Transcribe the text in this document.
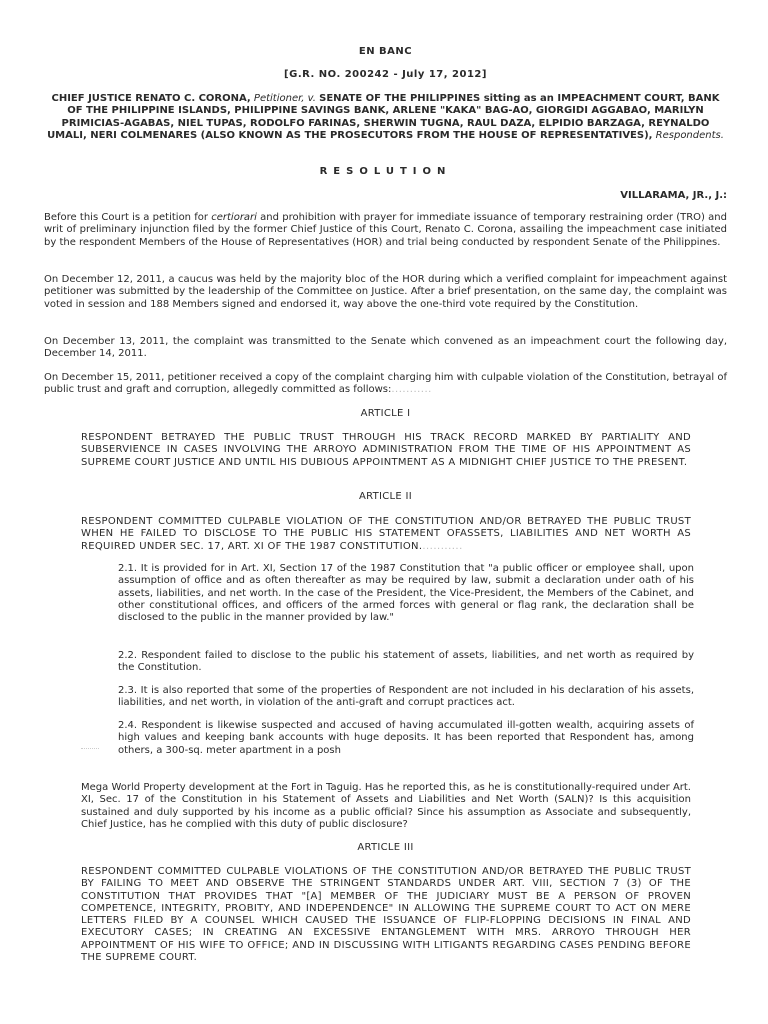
EN BANC
[G.R. NO. 200242 - July 17, 2012]
CHIEF JUSTICE RENATO C. CORONA, Petitioner, v. SENATE OF THE PHILIPPINES sitting as an IMPEACHMENT COURT, BANK OF THE PHILIPPINE ISLANDS, PHILIPPINE SAVINGS BANK, ARLENE "KAKA" BAG-AO, GIORGIDI AGGABAO, MARILYN PRIMICIAS-AGABAS, NIEL TUPAS, RODOLFO FARINAS, SHERWIN TUGNA, RAUL DAZA, ELPIDIO BARZAGA, REYNALDO UMALI, NERI COLMENARES (ALSO KNOWN AS THE PROSECUTORS FROM THE HOUSE OF REPRESENTATIVES), Respondents.
RESOLUTION
VILLARAMA, JR., J.:
Before this Court is a petition for certiorari and prohibition with prayer for immediate issuance of temporary restraining order (TRO) and writ of preliminary injunction filed by the former Chief Justice of this Court, Renato C. Corona, assailing the impeachment case initiated by the respondent Members of the House of Representatives (HOR) and trial being conducted by respondent Senate of the Philippines.
On December 12, 2011, a caucus was held by the majority bloc of the HOR during which a verified complaint for impeachment against petitioner was submitted by the leadership of the Committee on Justice. After a brief presentation, on the same day, the complaint was voted in session and 188 Members signed and endorsed it, way above the one-third vote required by the Constitution.
On December 13, 2011, the complaint was transmitted to the Senate which convened as an impeachment court the following day, December 14, 2011.
On December 15, 2011, petitioner received a copy of the complaint charging him with culpable violation of the Constitution, betrayal of public trust and graft and corruption, allegedly committed as follows:...........
ARTICLE I
RESPONDENT BETRAYED THE PUBLIC TRUST THROUGH HIS TRACK RECORD MARKED BY PARTIALITY AND SUBSERVIENCE IN CASES INVOLVING THE ARROYO ADMINISTRATION FROM THE TIME OF HIS APPOINTMENT AS SUPREME COURT JUSTICE AND UNTIL HIS DUBIOUS APPOINTMENT AS A MIDNIGHT CHIEF JUSTICE TO THE PRESENT.
ARTICLE II
RESPONDENT COMMITTED CULPABLE VIOLATION OF THE CONSTITUTION AND/OR BETRAYED THE PUBLIC TRUST WHEN HE FAILED TO DISCLOSE TO THE PUBLIC HIS STATEMENT OFASSETS, LIABILITIES AND NET WORTH AS REQUIRED UNDER SEC. 17, ART. XI OF THE 1987 CONSTITUTION............
2.1. It is provided for in Art. XI, Section 17 of the 1987 Constitution that "a public officer or employee shall, upon assumption of office and as often thereafter as may be required by law, submit a declaration under oath of his assets, liabilities, and net worth. In the case of the President, the Vice-President, the Members of the Cabinet, and other constitutional offices, and officers of the armed forces with general or flag rank, the declaration shall be disclosed to the public in the manner provided by law."
2.2. Respondent failed to disclose to the public his statement of assets, liabilities, and net worth as required by the Constitution.
2.3. It is also reported that some of the properties of Respondent are not included in his declaration of his assets, liabilities, and net worth, in violation of the anti-graft and corrupt practices act.
2.4. Respondent is likewise suspected and accused of having accumulated ill-gotten wealth, acquiring assets of high values and keeping bank accounts with huge deposits. It has been reported that Respondent has, among others, a 300-sq. meter apartment in a posh
Mega World Property development at the Fort in Taguig. Has he reported this, as he is constitutionally-required under Art. XI, Sec. 17 of the Constitution in his Statement of Assets and Liabilities and Net Worth (SALN)? Is this acquisition sustained and duly supported by his income as a public official? Since his assumption as Associate and subsequently, Chief Justice, has he complied with this duty of public disclosure?
ARTICLE III
RESPONDENT COMMITTED CULPABLE VIOLATIONS OF THE CONSTITUTION AND/OR BETRAYED THE PUBLIC TRUST BY FAILING TO MEET AND OBSERVE THE STRINGENT STANDARDS UNDER ART. VIII, SECTION 7 (3) OF THE CONSTITUTION THAT PROVIDES THAT "[A] MEMBER OF THE JUDICIARY MUST BE A PERSON OF PROVEN COMPETENCE, INTEGRITY, PROBITY, AND INDEPENDENCE" IN ALLOWING THE SUPREME COURT TO ACT ON MERE LETTERS FILED BY A COUNSEL WHICH CAUSED THE ISSUANCE OF FLIP-FLOPPING DECISIONS IN FINAL AND EXECUTORY CASES; IN CREATING AN EXCESSIVE ENTANGLEMENT WITH MRS. ARROYO THROUGH HER APPOINTMENT OF HIS WIFE TO OFFICE; AND IN DISCUSSING WITH LITIGANTS REGARDING CASES PENDING BEFORE THE SUPREME COURT.
